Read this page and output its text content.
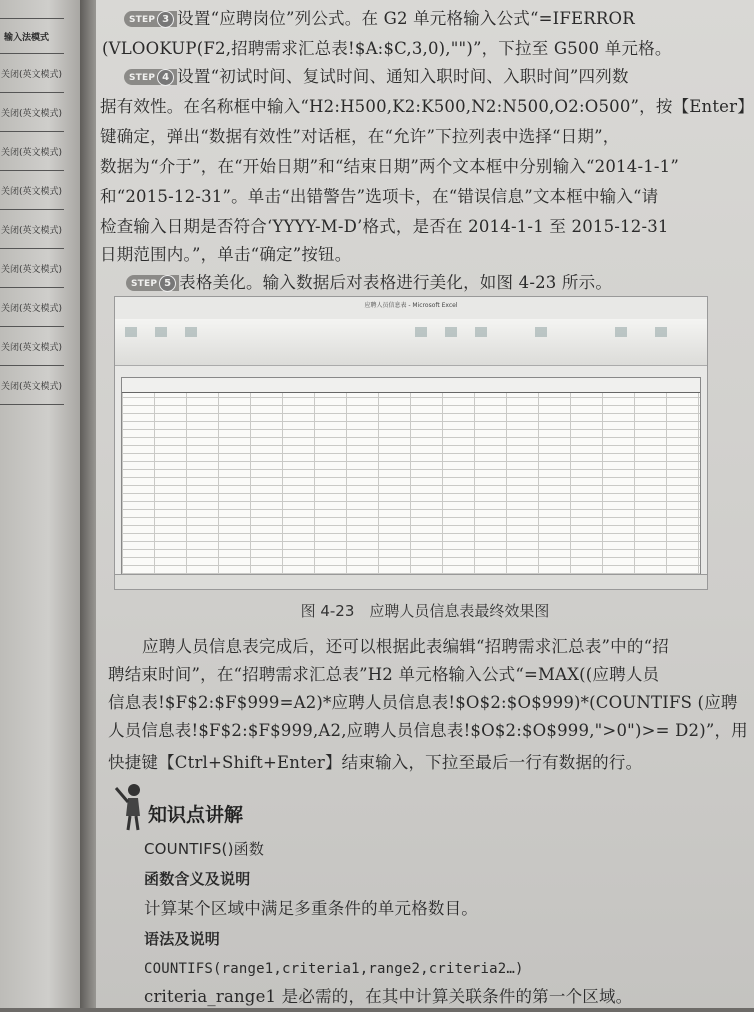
输入法模式
关闭(英文模式)
关闭(英文模式)
关闭(英文模式)
关闭(英文模式)
关闭(英文模式)
关闭(英文模式)
关闭(英文模式)
关闭(英文模式)
关闭(英文模式)
STEP 3 设置“应聘岗位”列公式。在 G2 单元格输入公式“=IFERROR
(VLOOKUP(F2,招聘需求汇总表!$A:$C,3,0),"")”，下拉至 G500 单元格。
STEP 4 设置“初试时间、复试时间、通知入职时间、入职时间”四列数
据有效性。在名称框中输入“H2:H500,K2:K500,N2:N500,O2:O500”，按【Enter】
键确定，弹出“数据有效性”对话框，在“允许”下拉列表中选择“日期”，
数据为“介于”，在“开始日期”和“结束日期”两个文本框中分别输入“2014-1-1”
和“2015-12-31”。单击“出错警告”选项卡，在“错误信息”文本框中输入“请
检查输入日期是否符合‘YYYY-M-D’格式，是否在 2014-1-1 至 2015-12-31
日期范围内。”，单击“确定”按钮。
STEP 5 表格美化。输入数据后对表格进行美化，如图 4-23 所示。
应聘人员信息表 - Microsoft Excel
图 4-23　应聘人员信息表最终效果图
应聘人员信息表完成后，还可以根据此表编辑“招聘需求汇总表”中的“招
聘结束时间”，在“招聘需求汇总表”H2 单元格输入公式“=MAX((应聘人员
信息表!$F$2:$F$999=A2)*应聘人员信息表!$O$2:$O$999)*(COUNTIFS (应聘
人员信息表!$F$2:$F$999,A2,应聘人员信息表!$O$2:$O$999,">0")>= D2)”，用
快捷键【Ctrl+Shift+Enter】结束输入，下拉至最后一行有数据的行。
知识点讲解
COUNTIFS()函数
函数含义及说明
计算某个区域中满足多重条件的单元格数目。
语法及说明
COUNTIFS(range1,criteria1,range2,criteria2…)
criteria_range1 是必需的，在其中计算关联条件的第一个区域。
